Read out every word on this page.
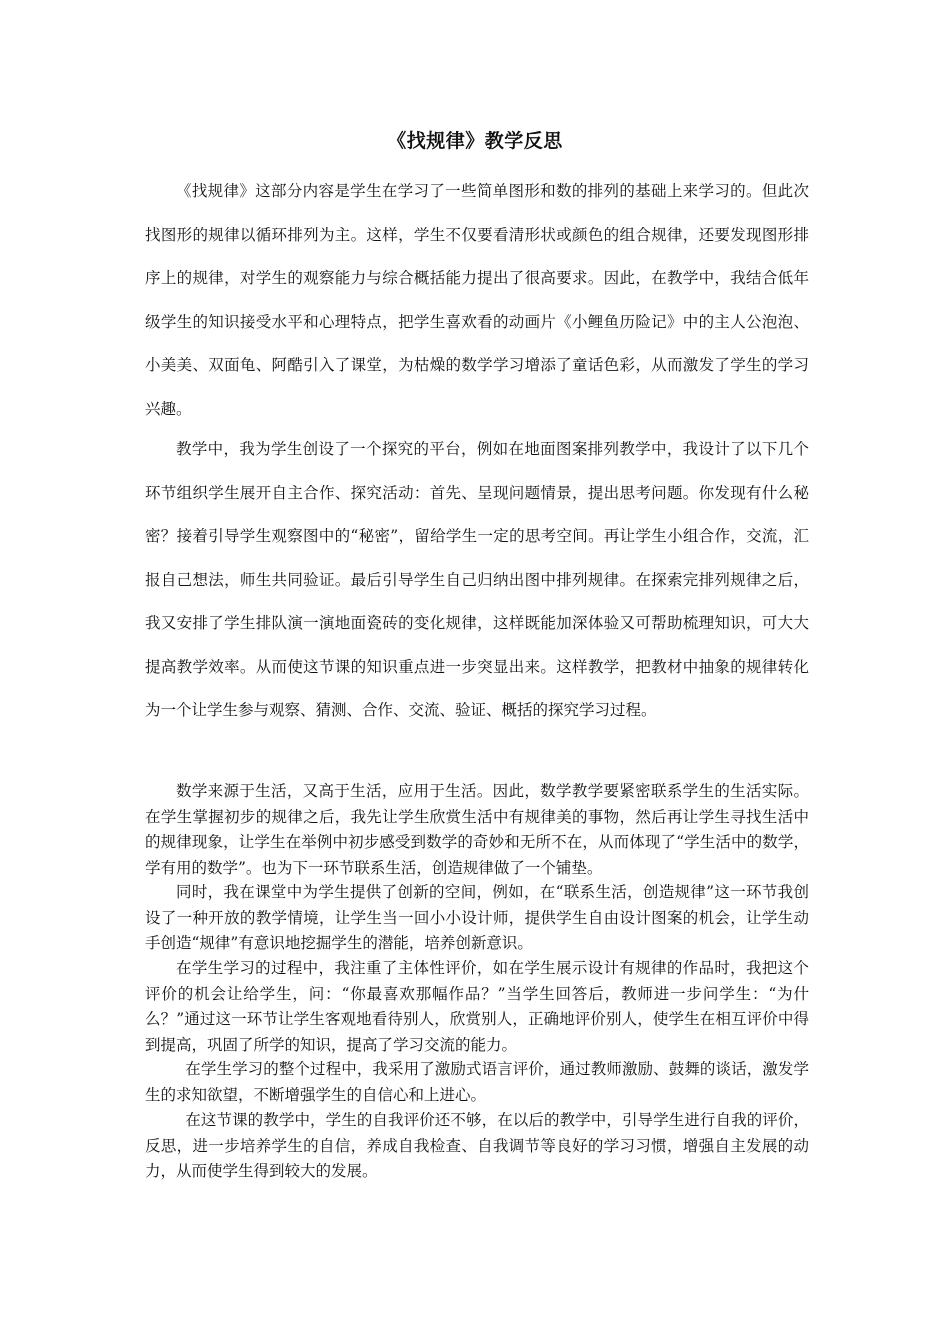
《找规律》教学反思

《找规律》这部分内容是学生在学习了一些简单图形和数的排列的基础上来学习的。但此次找图形的规律以循环排列为主。这样，学生不仅要看清形状或颜色的组合规律，还要发现图形排序上的规律，对学生的观察能力与综合概括能力提出了很高要求。因此，在教学中，我结合低年级学生的知识接受水平和心理特点，把学生喜欢看的动画片《小鲤鱼历险记》中的主人公泡泡、小美美、双面龟、阿酷引入了课堂，为枯燥的数学学习增添了童话色彩，从而激发了学生的学习兴趣。

教学中，我为学生创设了一个探究的平台，例如在地面图案排列教学中，我设计了以下几个环节组织学生展开自主合作、探究活动：首先、呈现问题情景，提出思考问题。你发现有什么秘密？接着引导学生观察图中的“秘密”，留给学生一定的思考空间。再让学生小组合作，交流，汇报自己想法，师生共同验证。最后引导学生自己归纳出图中排列规律。在探索完排列规律之后，我又安排了学生排队演一演地面瓷砖的变化规律，这样既能加深体验又可帮助梳理知识，可大大提高教学效率。从而使这节课的知识重点进一步突显出来。这样教学，把教材中抽象的规律转化为一个让学生参与观察、猜测、合作、交流、验证、概括的探究学习过程。

数学来源于生活，又高于生活，应用于生活。因此，数学教学要紧密联系学生的生活实际。在学生掌握初步的规律之后，我先让学生欣赏生活中有规律美的事物，然后再让学生寻找生活中的规律现象，让学生在举例中初步感受到数学的奇妙和无所不在，从而体现了“学生活中的数学，学有用的数学”。也为下一环节联系生活，创造规律做了一个铺垫。

同时，我在课堂中为学生提供了创新的空间，例如，在“联系生活，创造规律”这一环节我创设了一种开放的教学情境，让学生当一回小小设计师，提供学生自由设计图案的机会，让学生动手创造“规律”有意识地挖掘学生的潜能，培养创新意识。

在学生学习的过程中，我注重了主体性评价，如在学生展示设计有规律的作品时，我把这个评价的机会让给学生，问：“你最喜欢那幅作品？”当学生回答后，教师进一步问学生：“为什么？”通过这一环节让学生客观地看待别人，欣赏别人，正确地评价别人，使学生在相互评价中得到提高，巩固了所学的知识，提高了学习交流的能力。

在学生学习的整个过程中，我采用了激励式语言评价，通过教师激励、鼓舞的谈话，激发学生的求知欲望，不断增强学生的自信心和上进心。

在这节课的教学中，学生的自我评价还不够，在以后的教学中，引导学生进行自我的评价，反思，进一步培养学生的自信，养成自我检查、自我调节等良好的学习习惯，增强自主发展的动力，从而使学生得到较大的发展。
